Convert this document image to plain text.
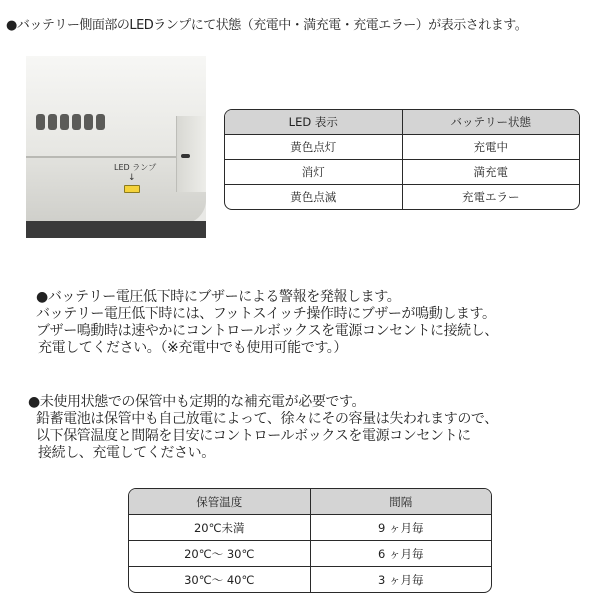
●バッテリー側面部のLEDランプにて状態（充電中・満充電・充電エラー）が表示されます。
LED ランプ
↓
LED 表示	バッテリー状態
黄色点灯	充電中
消灯	満充電
黄色点滅	充電エラー
●バッテリー電圧低下時にブザーによる警報を発報します。
バッテリー電圧低下時には、フットスイッチ操作時にブザーが鳴動します。
ブザー鳴動時は速やかにコントロールボックスを電源コンセントに接続し、
充電してください。（※充電中でも使用可能です。）
●未使用状態での保管中も定期的な補充電が必要です。
鉛蓄電池は保管中も自己放電によって、徐々にその容量は失われますので、
以下保管温度と間隔を目安にコントロールボックスを電源コンセントに
接続し、充電してください。
保管温度	間隔
20℃未満	9 ヶ月毎
20℃～ 30℃	6 ヶ月毎
30℃～ 40℃	3 ヶ月毎
